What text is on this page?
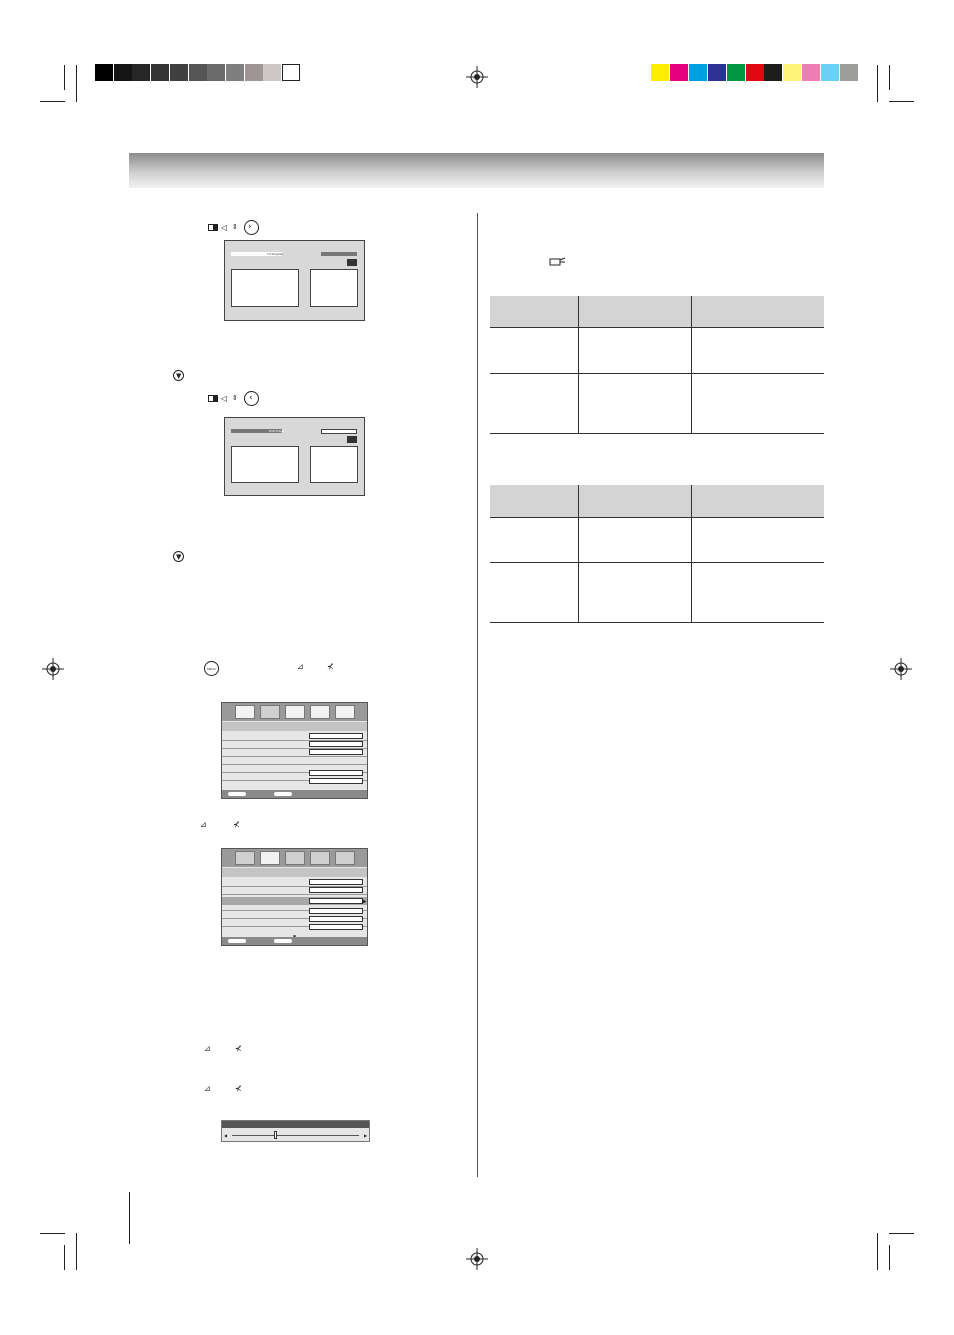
◁ ⇕ ›
TV Program
▼
◁ ⇕ ‹
DVD Player
▼
MENU	⊿	⊀
⊿	⊀
▶
⊿	⊀
⊿	⊀
◀	▶
